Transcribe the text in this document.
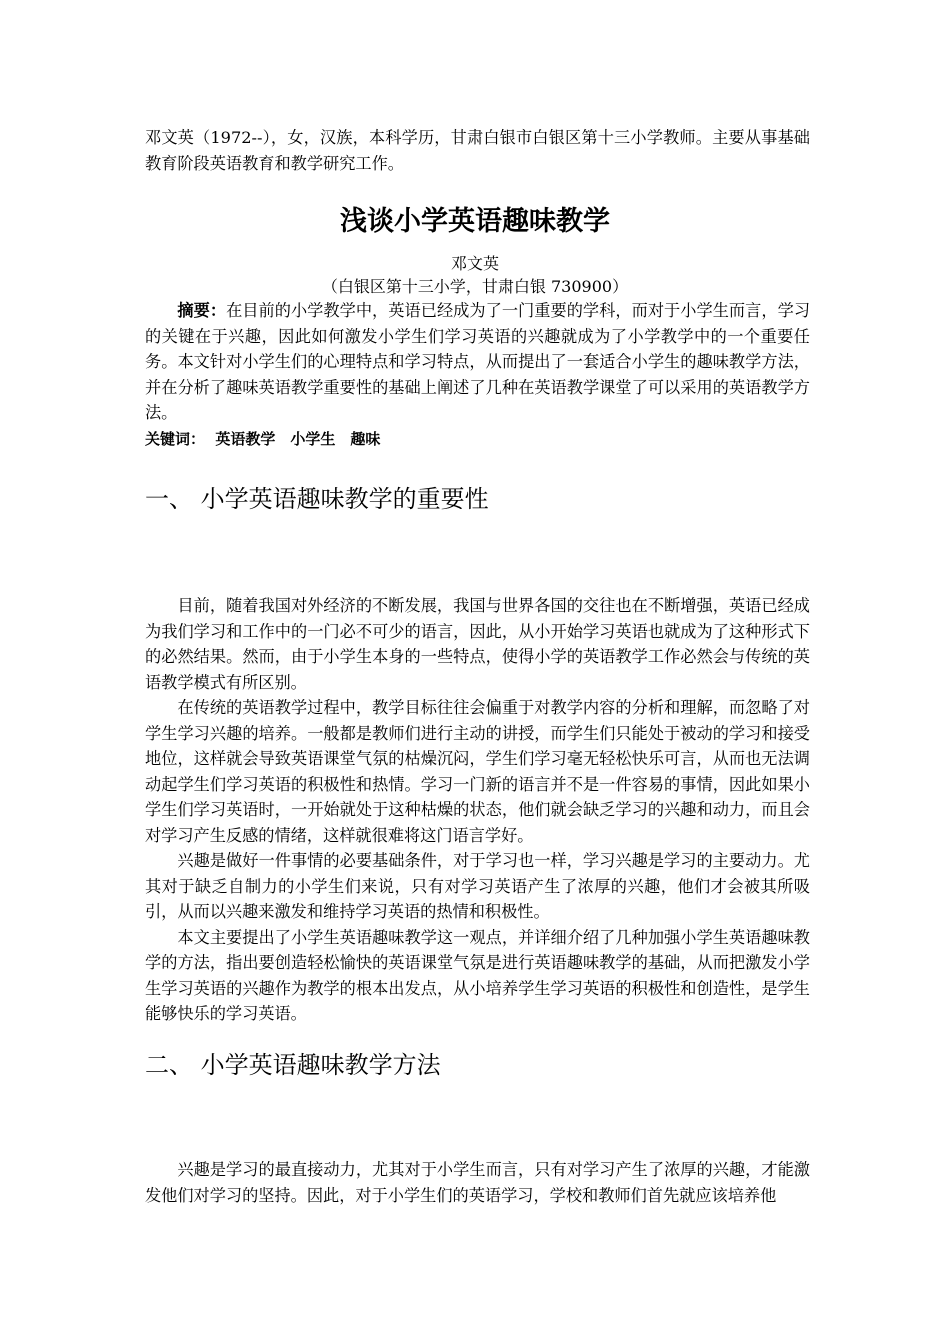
邓文英（1972--），女，汉族，本科学历，甘肃白银市白银区第十三小学教师。主要从事基础教育阶段英语教育和教学研究工作。

浅谈小学英语趣味教学
邓文英
（白银区第十三小学，甘肃白银 730900）

摘要：在目前的小学教学中，英语已经成为了一门重要的学科，而对于小学生而言，学习的关键在于兴趣，因此如何激发小学生们学习英语的兴趣就成为了小学教学中的一个重要任务。本文针对小学生们的心理特点和学习特点，从而提出了一套适合小学生的趣味教学方法，并在分析了趣味英语教学重要性的基础上阐述了几种在英语教学课堂了可以采用的英语教学方法。

关键词： 英语教学　小学生　趣味

一、 小学英语趣味教学的重要性

目前，随着我国对外经济的不断发展，我国与世界各国的交往也在不断增强，英语已经成为我们学习和工作中的一门必不可少的语言，因此，从小开始学习英语也就成为了这种形式下的必然结果。然而，由于小学生本身的一些特点，使得小学的英语教学工作必然会与传统的英语教学模式有所区别。

在传统的英语教学过程中，教学目标往往会偏重于对教学内容的分析和理解，而忽略了对学生学习兴趣的培养。一般都是教师们进行主动的讲授，而学生们只能处于被动的学习和接受地位，这样就会导致英语课堂气氛的枯燥沉闷，学生们学习毫无轻松快乐可言，从而也无法调动起学生们学习英语的积极性和热情。学习一门新的语言并不是一件容易的事情，因此如果小学生们学习英语时，一开始就处于这种枯燥的状态，他们就会缺乏学习的兴趣和动力，而且会对学习产生反感的情绪，这样就很难将这门语言学好。

兴趣是做好一件事情的必要基础条件，对于学习也一样，学习兴趣是学习的主要动力。尤其对于缺乏自制力的小学生们来说，只有对学习英语产生了浓厚的兴趣，他们才会被其所吸引，从而以兴趣来激发和维持学习英语的热情和积极性。

本文主要提出了小学生英语趣味教学这一观点，并详细介绍了几种加强小学生英语趣味教学的方法，指出要创造轻松愉快的英语课堂气氛是进行英语趣味教学的基础，从而把激发小学生学习英语的兴趣作为教学的根本出发点，从小培养学生学习英语的积极性和创造性，是学生能够快乐的学习英语。

二、 小学英语趣味教学方法

兴趣是学习的最直接动力，尤其对于小学生而言，只有对学习产生了浓厚的兴趣，才能激发他们对学习的坚持。因此，对于小学生们的英语学习，学校和教师们首先就应该培养他
